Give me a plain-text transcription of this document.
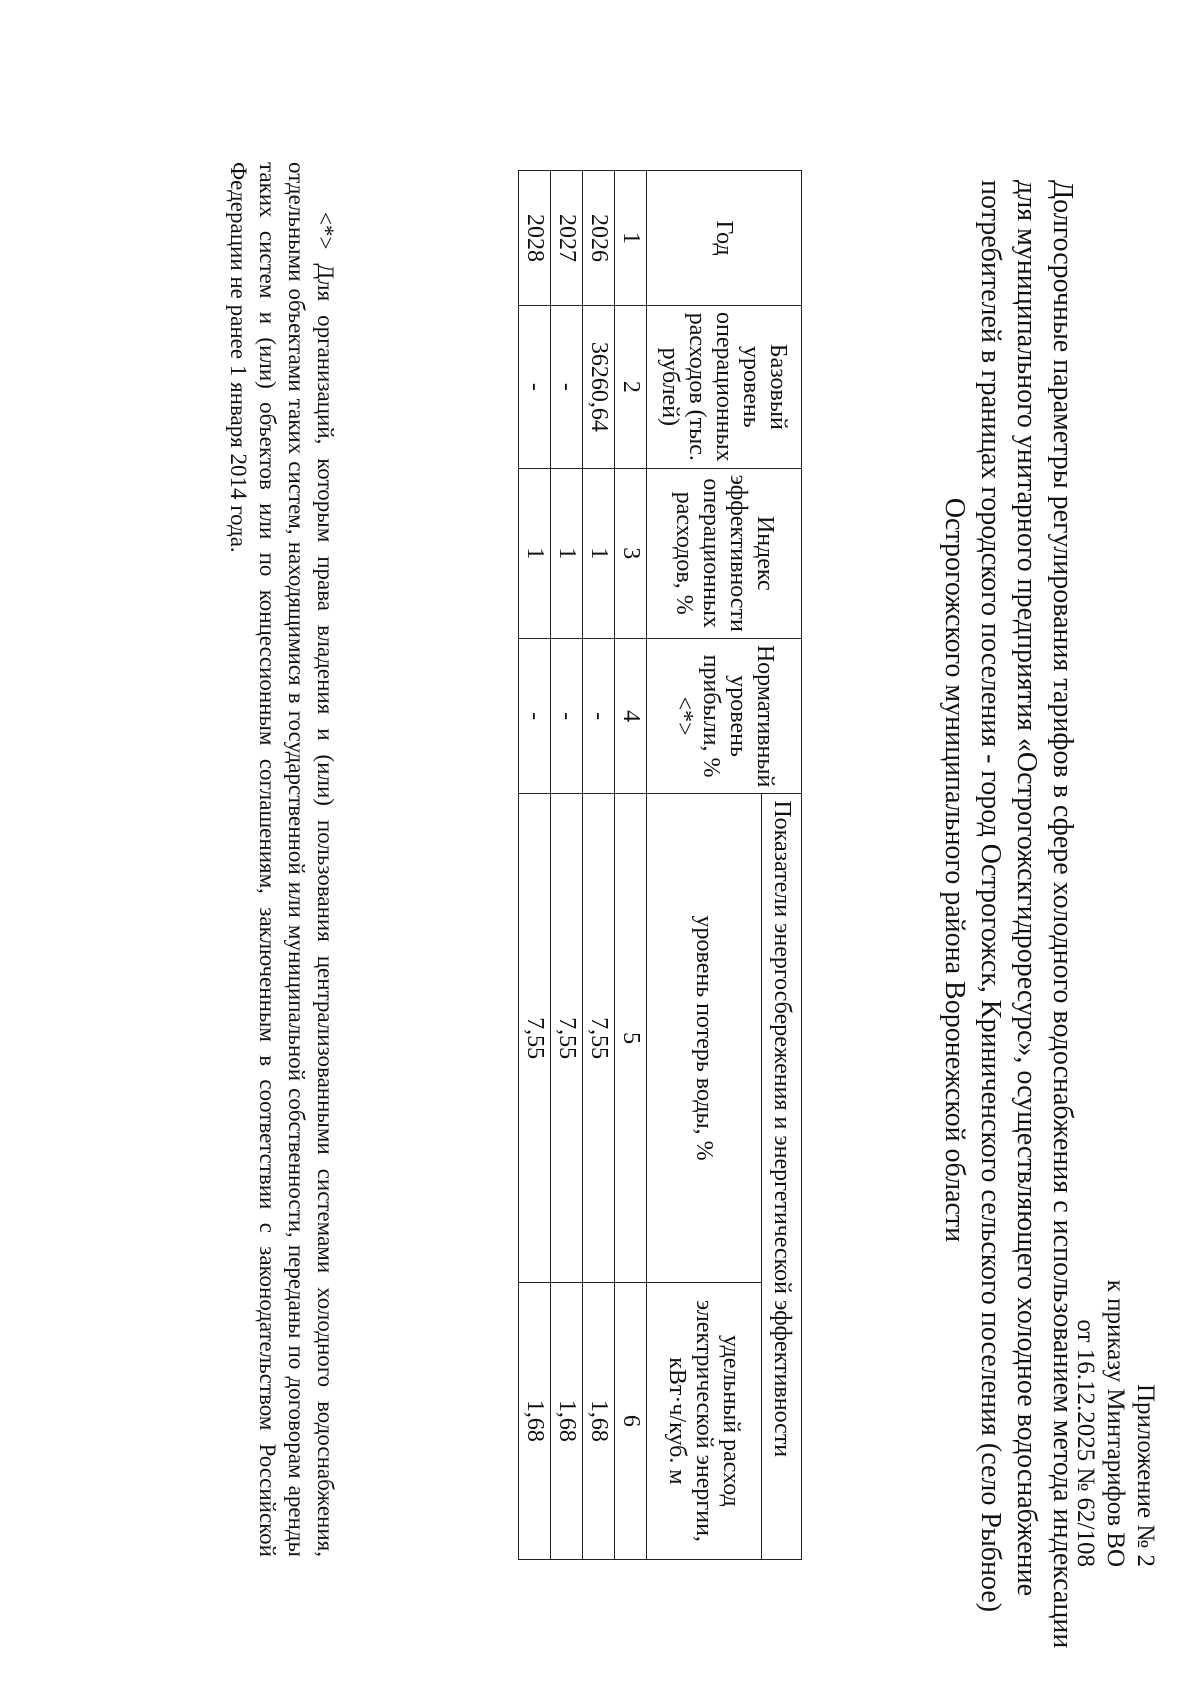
Приложение № 2
к приказу Минтарифов ВО
от 16.12.2025 № 62/108
Долгосрочные параметры регулирования тарифов в сфере холодного водоснабжения с использованием метода индексации
для муниципального унитарного предприятия «Острогожскгидроресурс», осуществляющего холодное водоснабжение
потребителей в границах городского поселения - город Острогожск, Криниченского сельского поселения (село Рыбное)
Острогожского муниципального района Воронежской области
Год	Базовый уровень операционных расходов (тыс. рублей)	Индекс эффективности операционных расходов, %	Нормативный уровень прибыли, % <*>	Показатели энергосбережения и энергетической эффективности	
				уровень потерь воды, %	удельный расход электрической энергии, кВт·ч/куб. м
1	2	3	4	5	6
2026	36260,64	1	-	7,55	1,68
2027	-	1	-	7,55	1,68
2028	-	1	-	7,55	1,68
<*> Для организаций, которым права владения и (или) пользования централизованными системами холодного водоснабжения, отдельными объектами таких систем, находящимися в государственной или муниципальной собственности, переданы по договорам аренды таких систем и (или) объектов или по концессионным соглашениям, заключенным в соответствии с законодательством Российской Федерации не ранее 1 января 2014 года.
